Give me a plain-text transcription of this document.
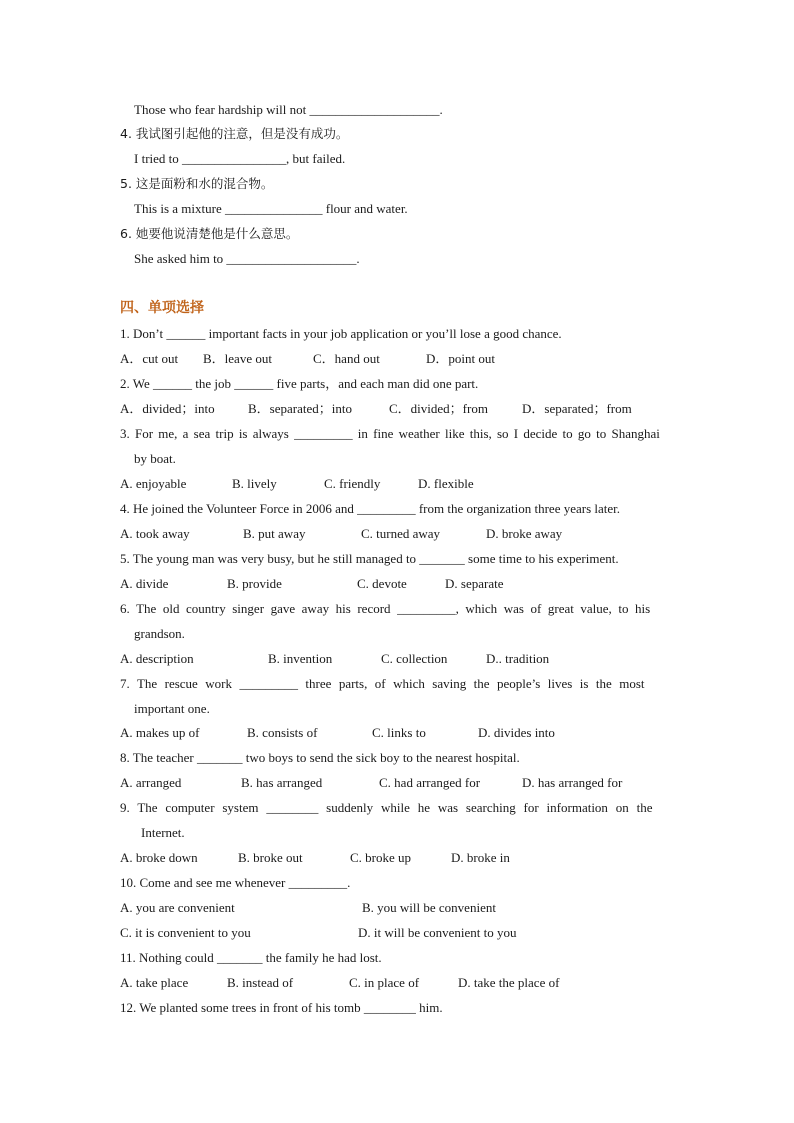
Those who fear hardship will not ____________________.
4. 我试图引起他的注意，但是没有成功。
I tried to ________________, but failed.
5. 这是面粉和水的混合物。
This is a mixture _______________ flour and water.
6. 她要他说清楚他是什么意思。
She asked him to ____________________.
四、单项选择
1. Don’t ______ important facts in your job application or you’ll lose a good chance.
A．cut out B．leave out	C．hand out	D．point out
2. We ______ the job ______ five parts，and each man did one part.
A．divided；into	B．separated；into	C．divided；from	D．separated；from
3. For me, a sea trip is always _________ in fine weather like this, so I decide to go to Shanghai
by boat.
A. enjoyable	B. lively	C. friendly	D. flexible
4. He joined the Volunteer Force in 2006 and _________ from the organization three years later.
A. took away	B. put away	C. turned away	D. broke away
5. The young man was very busy, but he still managed to _______ some time to his experiment.
A. divide	B. provide	C. devote	D. separate
6. The old country singer gave away his record _________, which was of great value, to his
grandson.
A. description	B. invention	C. collection	D.. tradition
7. The rescue work _________ three parts, of which saving the people’s lives is the most
important one.
A. makes up of	B. consists of	C. links to	D. divides into
8. The teacher _______ two boys to send the sick boy to the nearest hospital.
A. arranged	B. has arranged	C. had arranged for	D. has arranged for
9. The computer system ________ suddenly while he was searching for information on the
Internet.
A. broke down	B. broke out	C. broke up	D. broke in
10. Come and see me whenever _________.
A. you are convenient	B. you will be convenient
C. it is convenient to you	D. it will be convenient to you
11. Nothing could _______ the family he had lost.
A. take place	B. instead of	C. in place of	D. take the place of
12. We planted some trees in front of his tomb ________ him.
